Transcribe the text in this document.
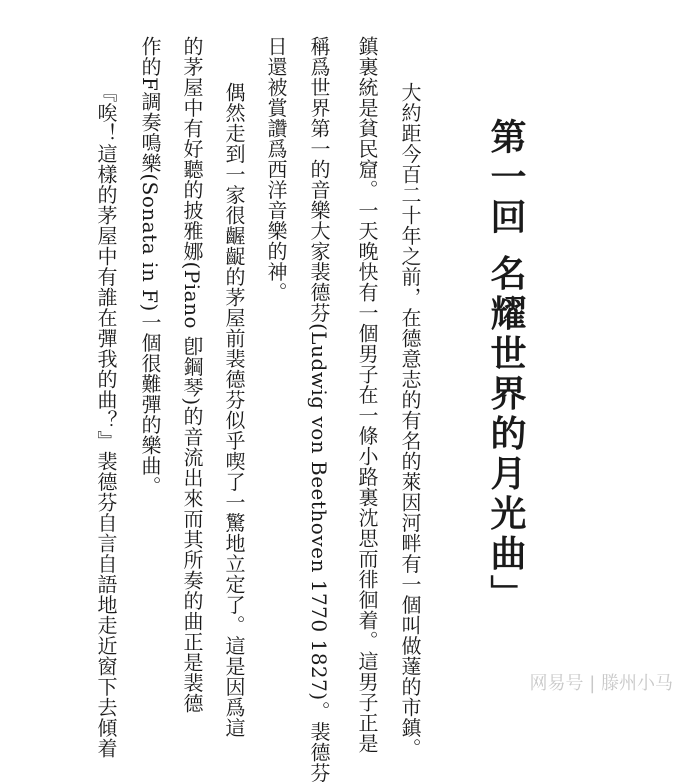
第一回 名耀世界的月光曲」
大約距今百二十年之前，在德意志的有名的萊因河畔有一個叫做薘的市鎮。
鎮裏統是貧民窟。一天晚快有一個男子在一條小路裏沈思而徘徊着。這男子正是
稱爲世界第一的音樂大家裴德芬(Ludwig von Beethoven 1770 1827)。裴德芬
日還被賞讚爲西洋音樂的神。
偶然走到一家很齷齪的茅屋前裴德芬似乎喫了一驚地立定了。這是因爲這
的茅屋中有好聽的披雅娜(Piano 卽鋼琴)的音流出來而其所奏的曲正是裴德
作的F調奏鳴樂(Sonata in F)一個很難彈的樂曲。
『唉！這樣的茅屋中有誰在彈我的曲？』裴德芬自言自語地走近窗下去傾着	网易号 | 滕州小马
